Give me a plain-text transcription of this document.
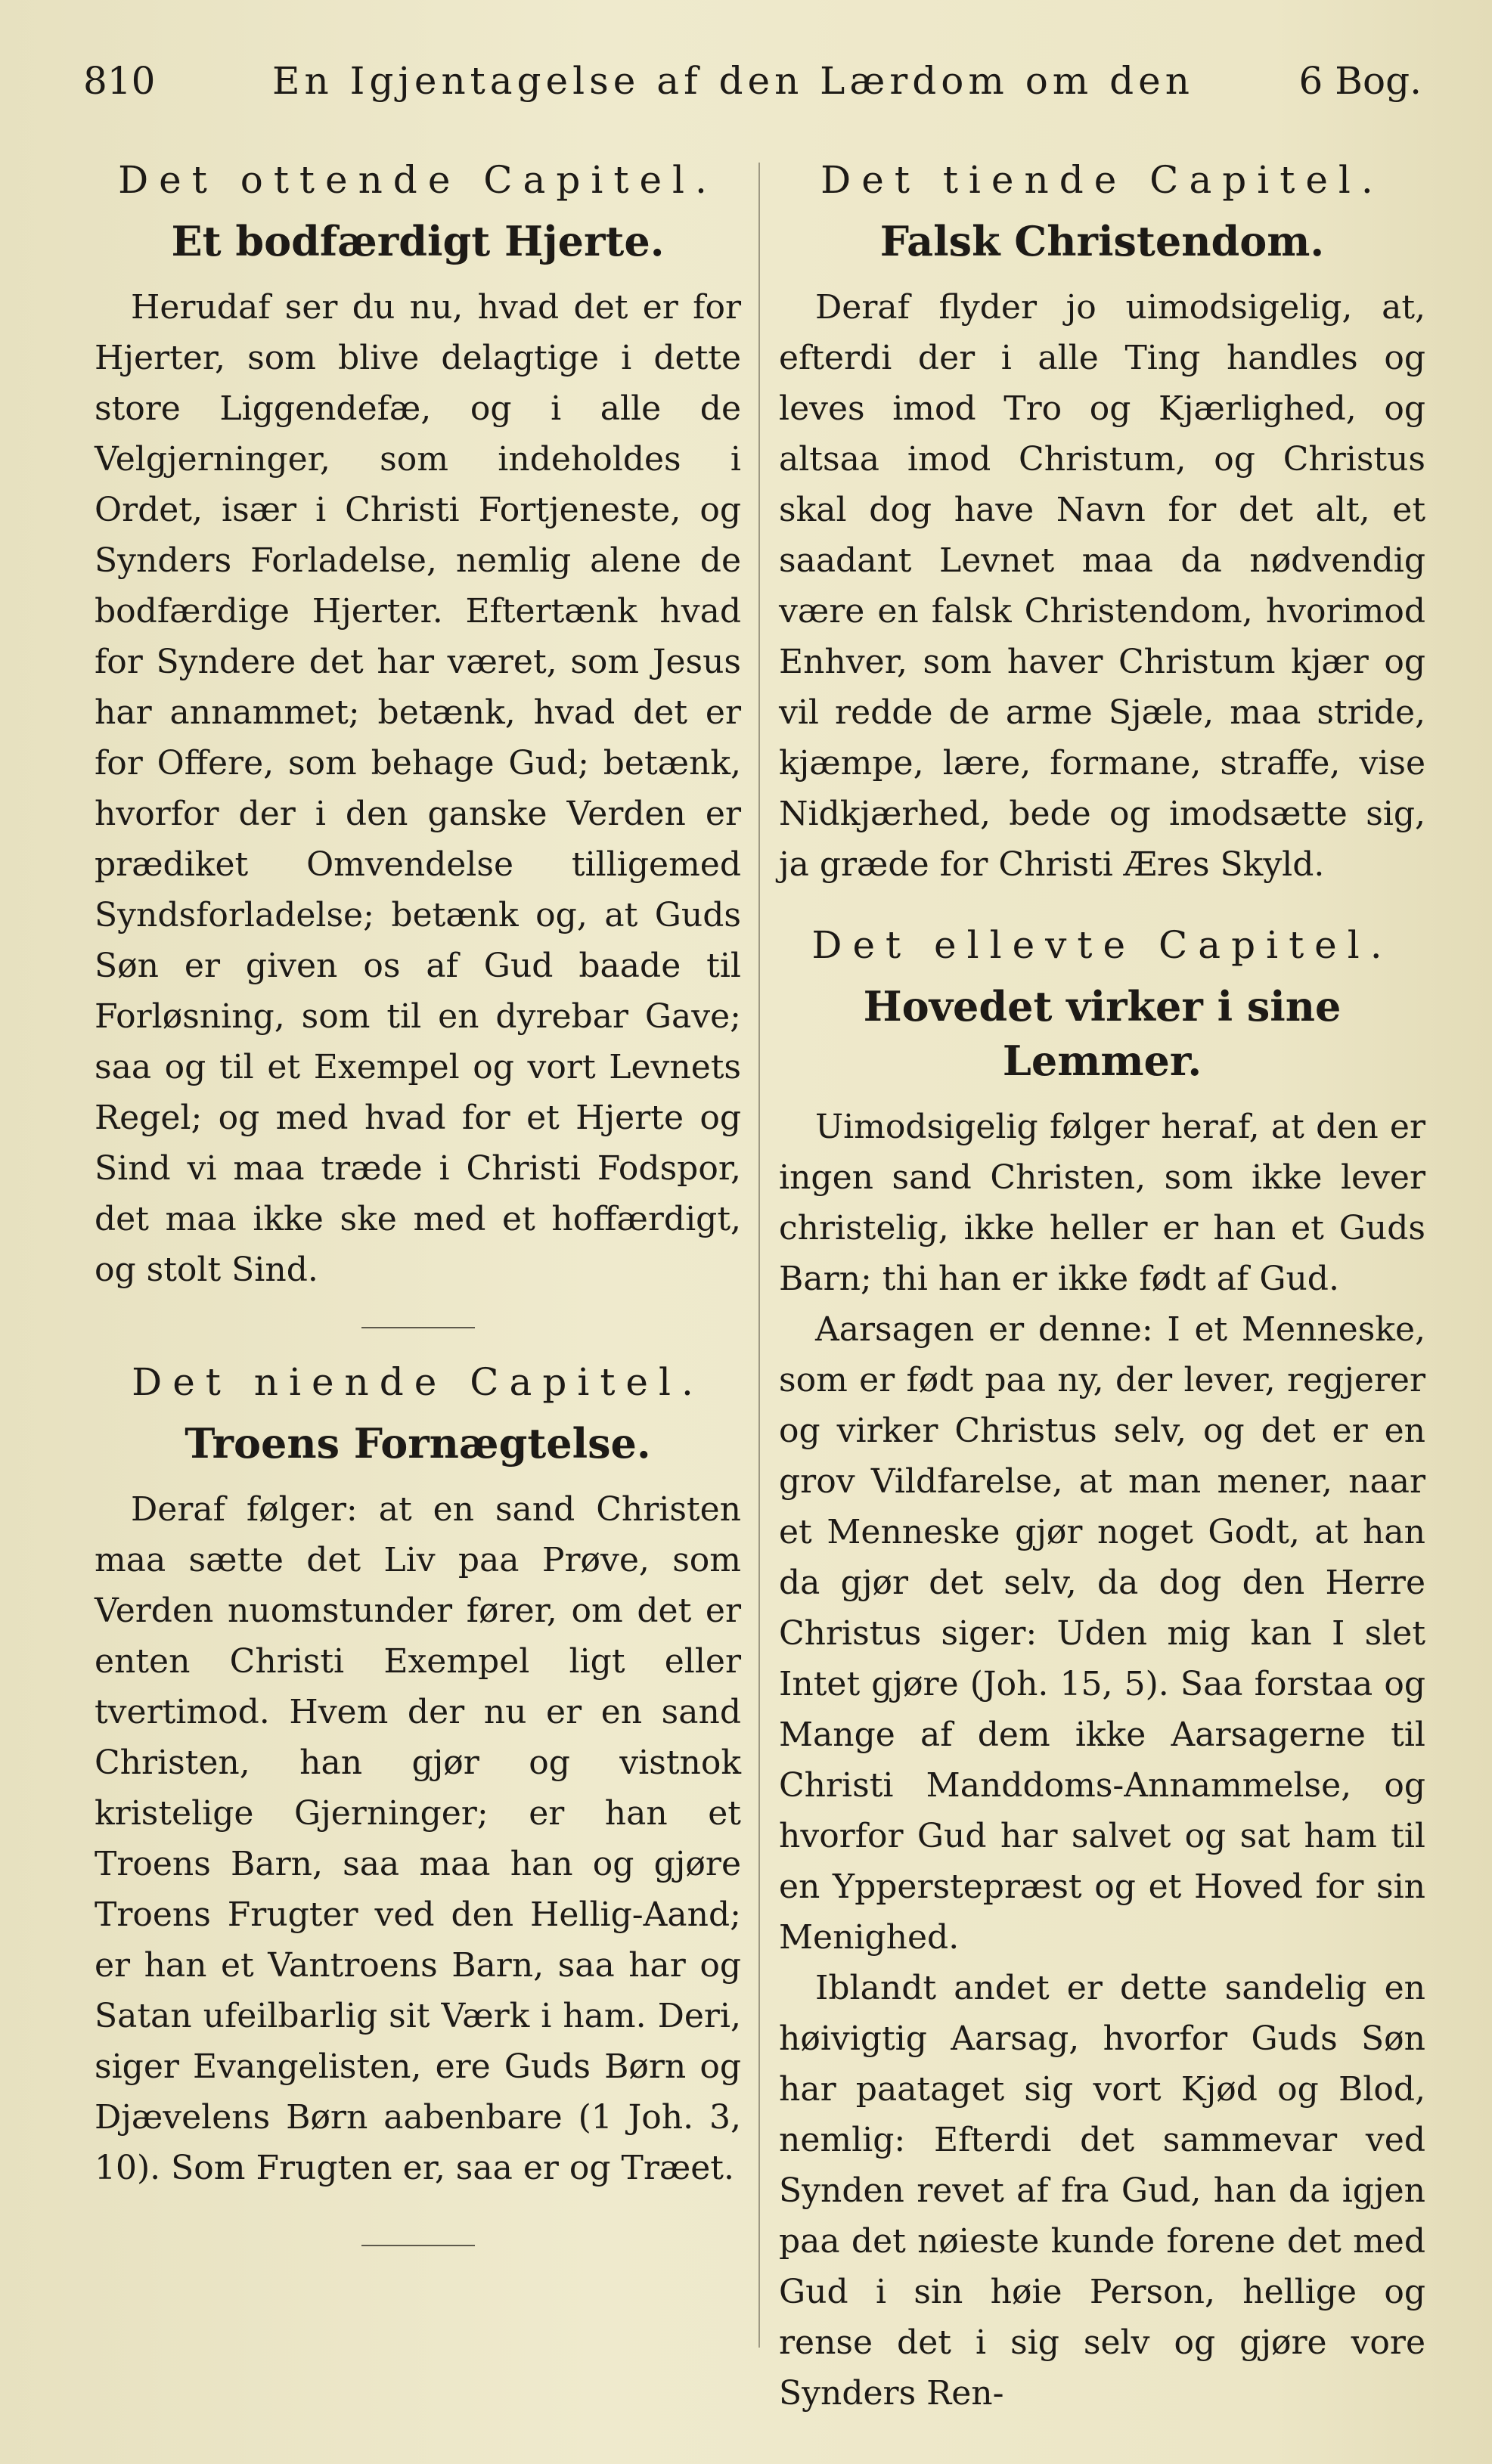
810	En Igjentagelse af den Lærdom om den	6 Bog.
Det ottende Capitel.
Et bodfærdigt Hjerte.

Herudaf ser du nu, hvad det er for Hjerter, som blive delagtige i dette store Liggendefæ, og i alle de Velgjerninger, som indeholdes i Ordet, især i Christi Fortjeneste, og Synders Forladelse, nemlig alene de bodfærdige Hjerter. Eftertænk hvad for Syndere det har været, som Jesus har annammet; betænk, hvad det er for Offere, som behage Gud; betænk, hvorfor der i den ganske Verden er prædiket Omvendelse tilligemed Syndsforladelse; betænk og, at Guds Søn er given os af Gud baade til Forløsning, som til en dyrebar Gave; saa og til et Exempel og vort Levnets Regel; og med hvad for et Hjerte og Sind vi maa træde i Christi Fodspor, det maa ikke ske med et hoffærdigt, og stolt Sind.

Det niende Capitel.
Troens Fornægtelse.

Deraf følger: at en sand Christen maa sætte det Liv paa Prøve, som Verden nuomstunder fører, om det er enten Christi Exempel ligt eller tvertimod. Hvem der nu er en sand Christen, han gjør og vistnok kristelige Gjerninger; er han et Troens Barn, saa maa han og gjøre Troens Frugter ved den Hellig-Aand; er han et Vantroens Barn, saa har og Satan ufeilbarlig sit Værk i ham. Deri, siger Evangelisten, ere Guds Børn og Djævelens Børn aabenbare (1 Joh. 3, 10). Som Frugten er, saa er og Træet.

Det tiende Capitel.
Falsk Christendom.

Deraf flyder jo uimodsigelig, at, efterdi der i alle Ting handles og leves imod Tro og Kjærlighed, og altsaa imod Christum, og Christus skal dog have Navn for det alt, et saadant Levnet maa da nødvendig være en falsk Christendom, hvorimod Enhver, som haver Christum kjær og vil redde de arme Sjæle, maa stride, kjæmpe, lære, formane, straffe, vise Nidkjærhed, bede og imodsætte sig, ja græde for Christi Æres Skyld.

Det ellevte Capitel.
Hovedet virker i sine Lemmer.

Uimodsigelig følger heraf, at den er ingen sand Christen, som ikke lever christelig, ikke heller er han et Guds Barn; thi han er ikke født af Gud.

Aarsagen er denne: I et Menneske, som er født paa ny, der lever, regjerer og virker Christus selv, og det er en grov Vildfarelse, at man mener, naar et Menneske gjør noget Godt, at han da gjør det selv, da dog den Herre Christus siger: Uden mig kan I slet Intet gjøre (Joh. 15, 5). Saa forstaa og Mange af dem ikke Aarsagerne til Christi Manddoms-Annammelse, og hvorfor Gud har salvet og sat ham til en Ypperstepræst og et Hoved for sin Menighed.

Iblandt andet er dette sandelig en høivigtig Aarsag, hvorfor Guds Søn har paataget sig vort Kjød og Blod, nemlig: Efterdi det sammevar ved Synden revet af fra Gud, han da igjen paa det nøieste kunde forene det med Gud i sin høie Person, hellige og rense det i sig selv og gjøre vore Synders Ren-
